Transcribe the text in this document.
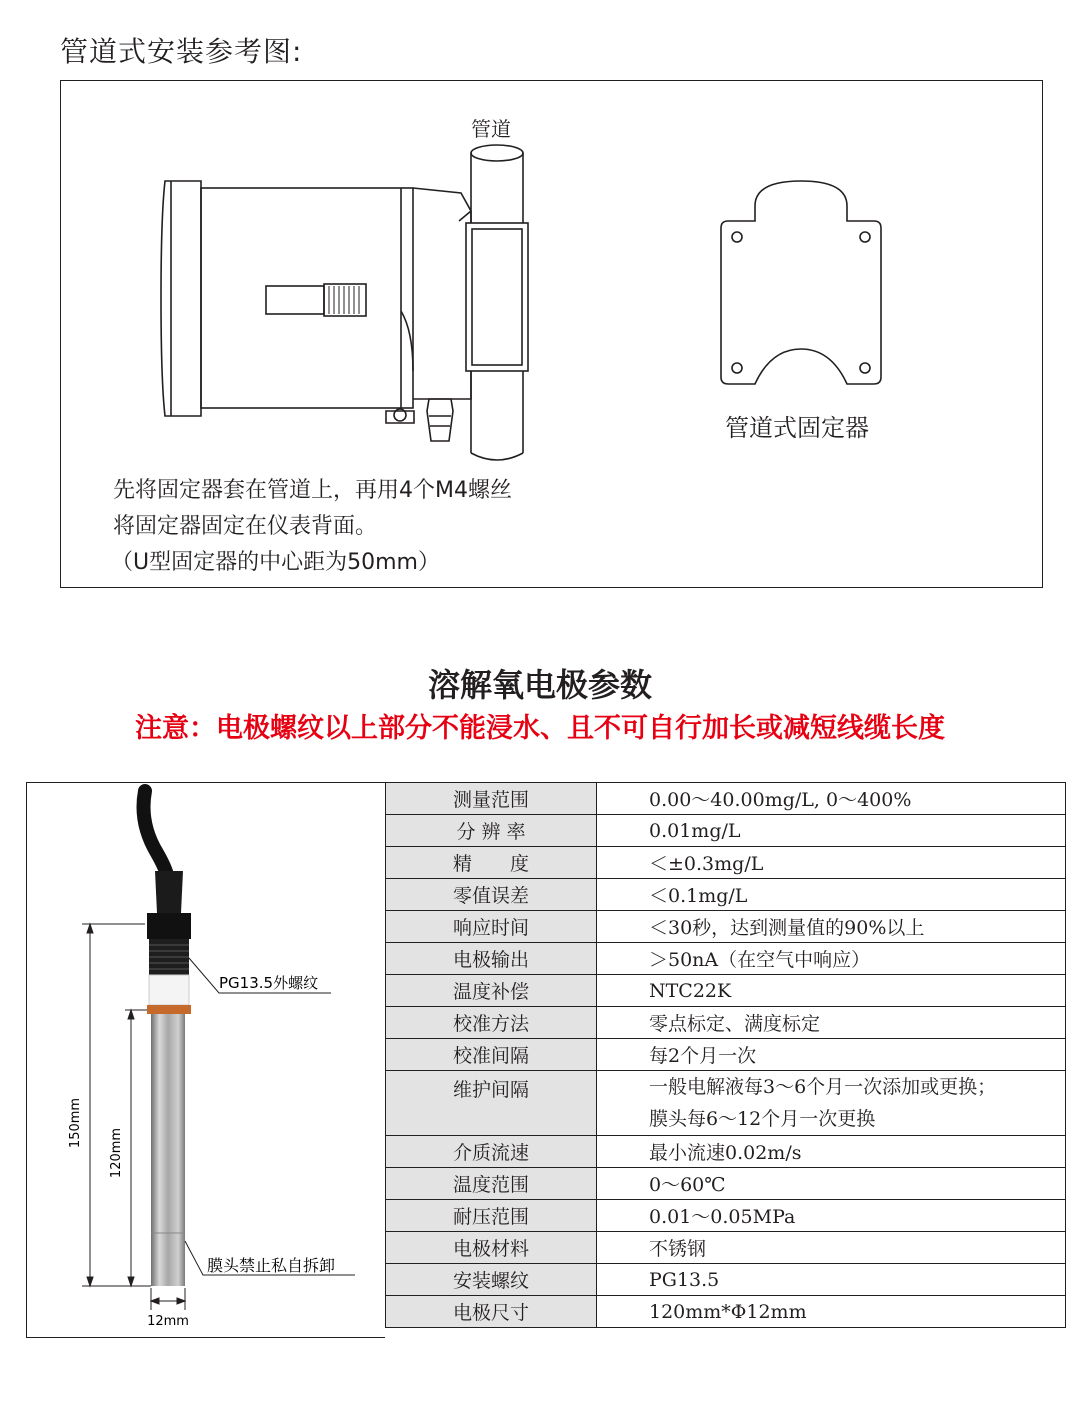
管道式安装参考图:
管道
管道式固定器
先将固定器套在管道上，再用4个M4螺丝
将固定器固定在仪表背面。
（U型固定器的中心距为50mm）
溶解氧电极参数
注意：电极螺纹以上部分不能浸水、且不可自行加长或减短线缆长度
PG13.5外螺纹
膜头禁止私自拆卸
150mm
120mm
12mm
测量范围	0.00～40.00mg/L, 0～400%
分 辨 率	0.01mg/L
精　　度	＜±0.3mg/L
零值误差	＜0.1mg/L
响应时间	＜30秒，达到测量值的90%以上
电极输出	＞50nA（在空气中响应）
温度补偿	NTC22K
校准方法	零点标定、满度标定
校准间隔	每2个月一次
维护间隔	一般电解液每3～6个月一次添加或更换；
膜头每6～12个月一次更换

介质流速	最小流速0.02m/s
温度范围	0～60℃
耐压范围	0.01～0.05MPa
电极材料	不锈钢
安装螺纹	PG13.5
电极尺寸	120mm*Φ12mm
